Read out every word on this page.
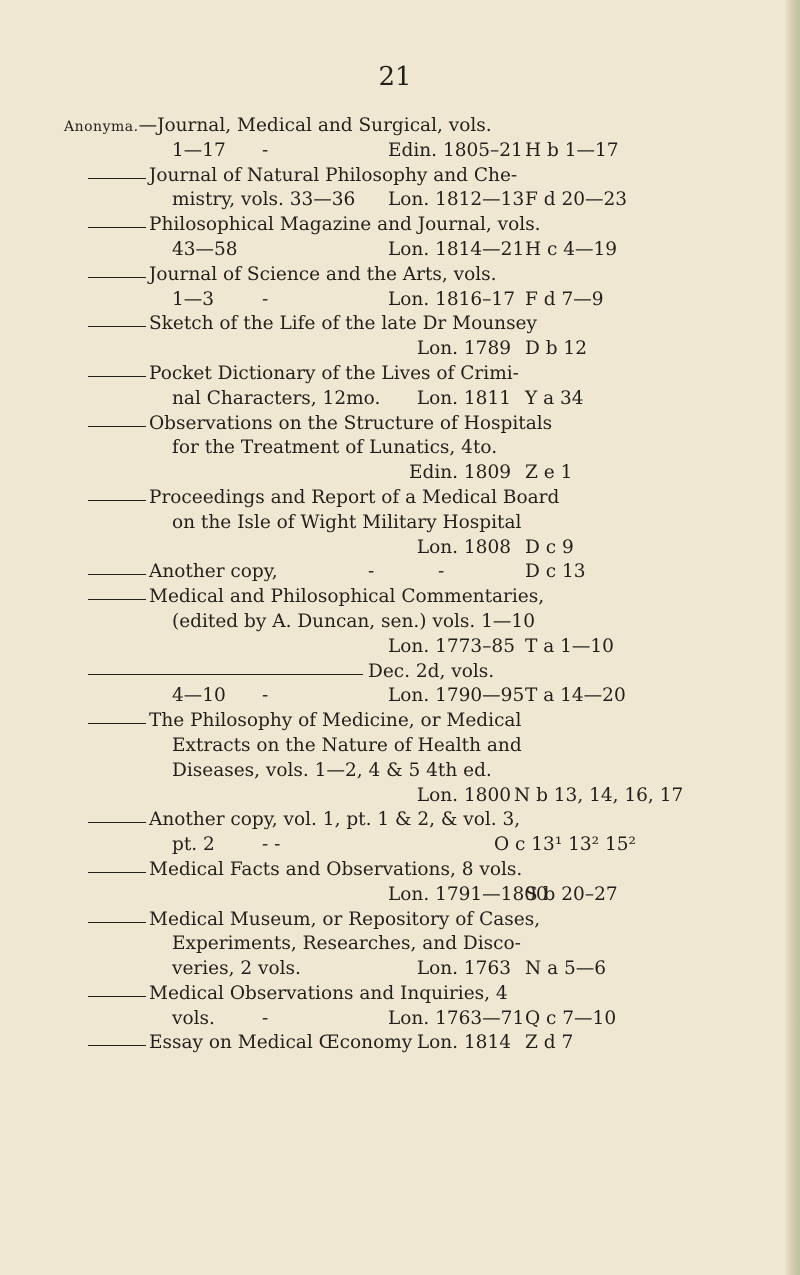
21
Anonyma.—Journal, Medical and Surgical, vols.
1—17 -	Edin. 1805–21 H b 1—17
Journal of Natural Philosophy and Che-
mistry, vols. 33—36 Lon. 1812—13 F d 20—23
Philosophical Magazine and Journal, vols.
43—58	Lon. 1814—21 H c 4—19
Journal of Science and the Arts, vols.
1—3	-	Lon. 1816–17 F d 7—9
Sketch of the Life of the late Dr Mounsey
Lon. 1789 D b 12
Pocket Dictionary of the Lives of Crimi-
nal Characters, 12mo.	Lon. 1811 Y a 34
Observations on the Structure of Hospitals
for the Treatment of Lunatics, 4to.
Edin. 1809 Z e 1
Proceedings and Report of a Medical Board
on the Isle of Wight Military Hospital
Lon. 1808 D c 9
Another copy,	-	-	D c 13
Medical and Philosophical Commentaries,
(edited by A. Duncan, sen.) vols. 1—10
Lon. 1773–85 T a 1—10
Dec. 2d, vols.
4—10 -	Lon. 1790—95 T a 14—20
The Philosophy of Medicine, or Medical
Extracts on the Nature of Health and
Diseases, vols. 1—2, 4 & 5 4th ed.
Lon. 1800 N b 13, 14, 16, 17
Another copy, vol. 1, pt. 1 & 2, & vol. 3,
pt. 2	- -	O c 13¹ 13² 15²
Medical Facts and Observations, 8 vols.
Lon. 1791—1800
S b 20–27
Medical Museum, or Repository of Cases,
Experiments, Researches, and Disco-
veries, 2 vols.	Lon. 1763 N a 5—6
Medical Observations and Inquiries, 4
vols.	-	Lon. 1763—71 Q c 7—10
Essay on Medical Œconomy Lon. 1814 Z d 7
